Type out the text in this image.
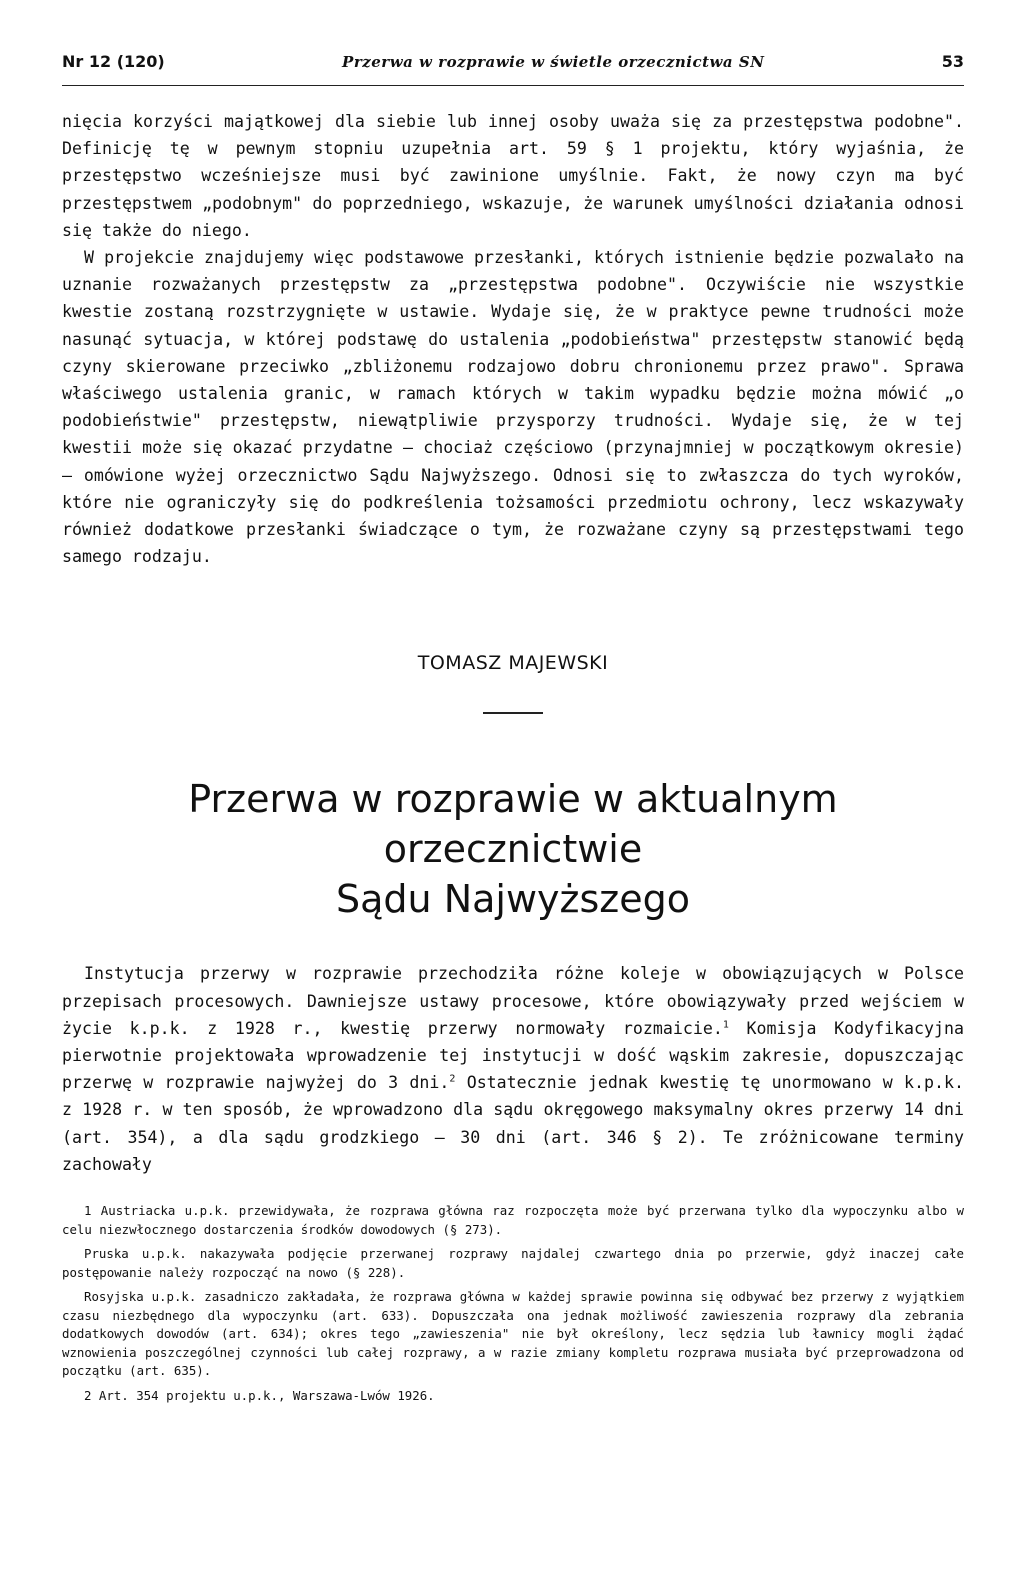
Nr 12 (120)	Przerwa w rozprawie w świetle orzecznictwa SN	53

nięcia korzyści majątkowej dla siebie lub innej osoby uważa się za przestępstwa podobne". Definicję tę w pewnym stopniu uzupełnia art. 59 § 1 projektu, który wyjaśnia, że przestępstwo wcześniejsze musi być zawinione umyślnie. Fakt, że nowy czyn ma być przestępstwem „podobnym" do poprzedniego, wskazuje, że warunek umyślności działania odnosi się także do niego.

W projekcie znajdujemy więc podstawowe przesłanki, których istnienie będzie pozwalało na uznanie rozważanych przestępstw za „przestępstwa podobne". Oczywiście nie wszystkie kwestie zostaną rozstrzygnięte w ustawie. Wydaje się, że w praktyce pewne trudności może nasunąć sytuacja, w której podstawę do ustalenia „podobieństwa" przestępstw stanowić będą czyny skierowane przeciwko „zbliżonemu rodzajowo dobru chronionemu przez prawo". Sprawa właściwego ustalenia granic, w ramach których w takim wypadku będzie można mówić „o podobieństwie" przestępstw, niewątpliwie przysporzy trudności. Wydaje się, że w tej kwestii może się okazać przydatne — chociaż częściowo (przynajmniej w początkowym okresie) — omówione wyżej orzecznictwo Sądu Najwyższego. Odnosi się to zwłaszcza do tych wyroków, które nie ograniczyły się do podkreślenia tożsamości przedmiotu ochrony, lecz wskazywały również dodatkowe przesłanki świadczące o tym, że rozważane czyny są przestępstwami tego samego rodzaju.

TOMASZ MAJEWSKI
Przerwa w rozprawie w aktualnym orzecznictwie
Sądu Najwyższego

Instytucja przerwy w rozprawie przechodziła różne koleje w obowiązujących w Polsce przepisach procesowych. Dawniejsze ustawy procesowe, które obowiązywały przed wejściem w życie k.p.k. z 1928 r., kwestię przerwy normowały rozmaicie.$^1$ Komisja Kodyfikacyjna pierwotnie projektowała wprowadzenie tej instytucji w dość wąskim zakresie, dopuszczając przerwę w rozprawie najwyżej do 3 dni.$^2$ Ostatecznie jednak kwestię tę unormowano w k.p.k. z 1928 r. w ten sposób, że wprowadzono dla sądu okręgowego maksymalny okres przerwy 14 dni (art. 354), a dla sądu grodzkiego — 30 dni (art. 346 § 2). Te zróżnicowane terminy zachowały

1 Austriacka u.p.k. przewidywała, że rozprawa główna raz rozpoczęta może być przerwana tylko dla wypoczynku albo w celu niezwłocznego dostarczenia środków dowodowych (§ 273).

Pruska u.p.k. nakazywała podjęcie przerwanej rozprawy najdalej czwartego dnia po przerwie, gdyż inaczej całe postępowanie należy rozpocząć na nowo (§ 228).

Rosyjska u.p.k. zasadniczo zakładała, że rozprawa główna w każdej sprawie powinna się odbywać bez przerwy z wyjątkiem czasu niezbędnego dla wypoczynku (art. 633). Dopuszczała ona jednak możliwość zawieszenia rozprawy dla zebrania dodatkowych dowodów (art. 634); okres tego „zawieszenia" nie był określony, lecz sędzia lub ławnicy mogli żądać wznowienia poszczególnej czynności lub całej rozprawy, a w razie zmiany kompletu rozprawa musiała być przeprowadzona od początku (art. 635).

2 Art. 354 projektu u.p.k., Warszawa-Lwów 1926.
